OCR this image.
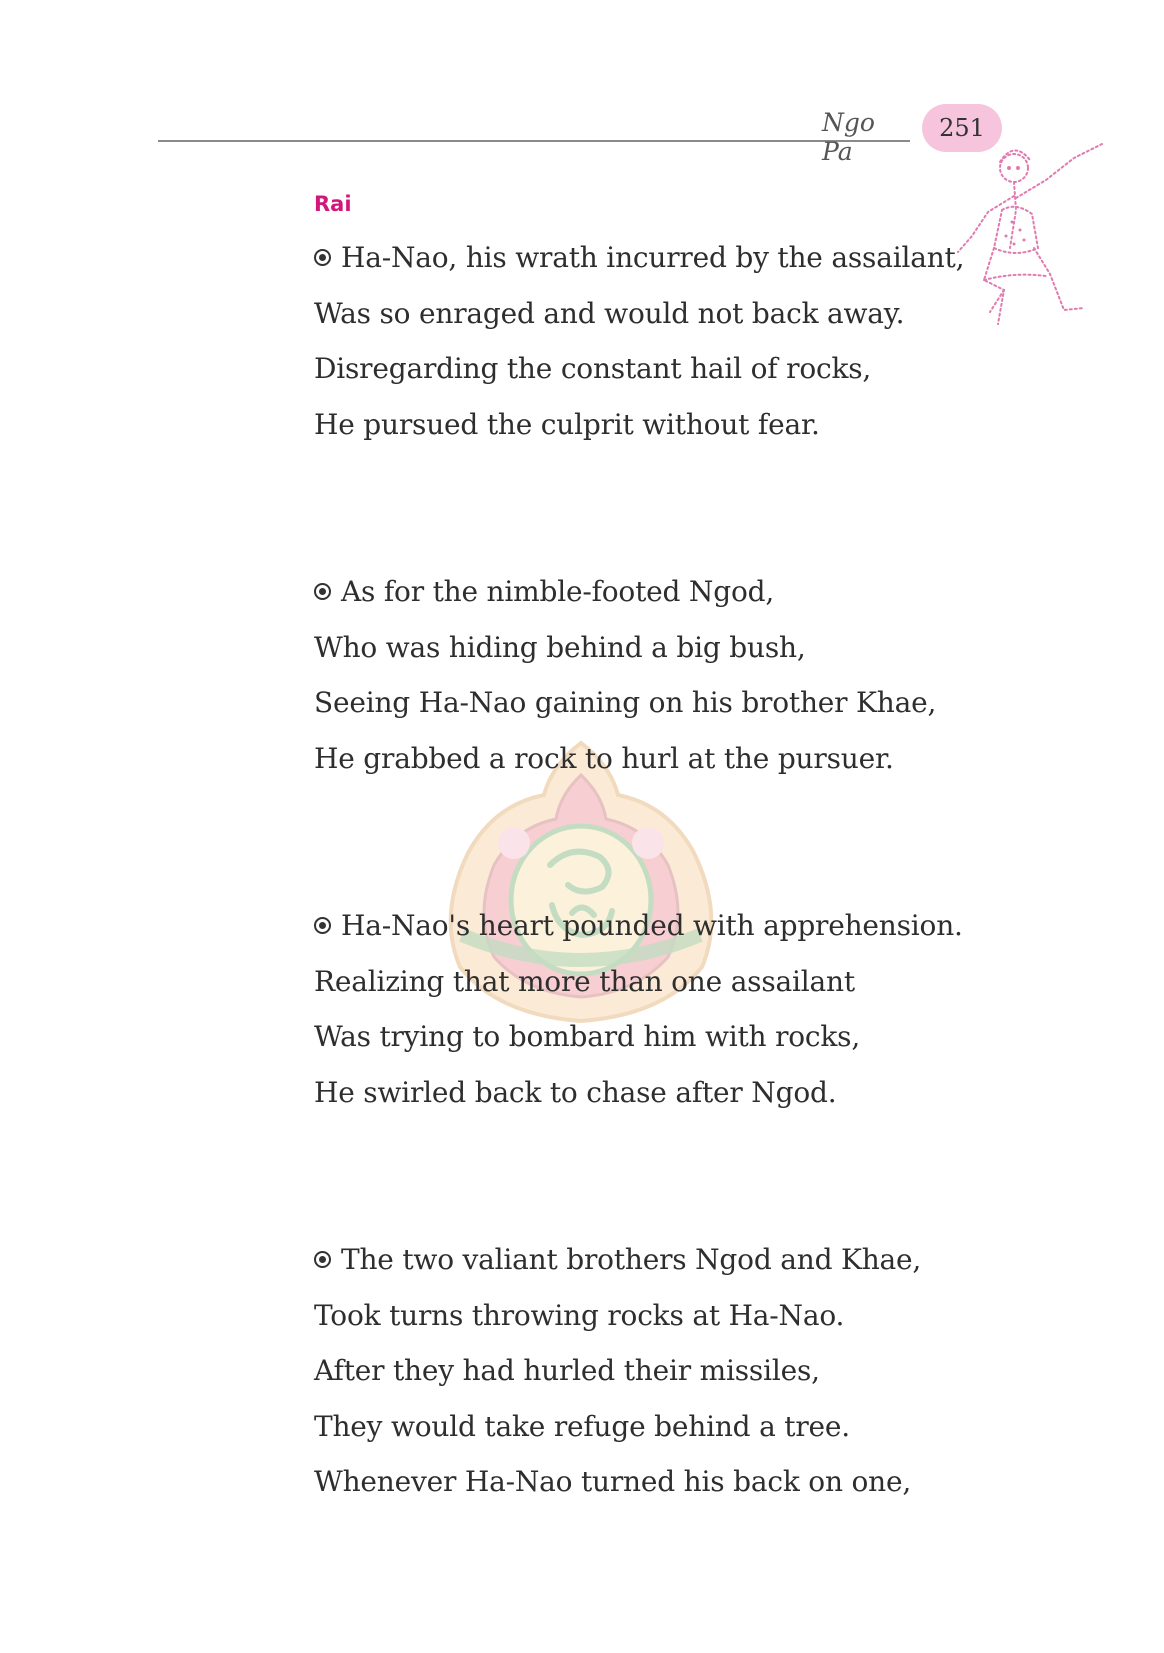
Ngo Pa
251
Rai
Ha-Nao, his wrath incurred by the assailant,
Was so enraged and would not back away.
Disregarding the constant hail of rocks,
He pursued the culprit without fear.
As for the nimble-footed Ngod,
Who was hiding behind a big bush,
Seeing Ha-Nao gaining on his brother Khae,
He grabbed a rock to hurl at the pursuer.
Ha-Nao's heart pounded with apprehension.
Realizing that more than one assailant
Was trying to bombard him with rocks,
He swirled back to chase after Ngod.
The two valiant brothers Ngod and Khae,
Took turns throwing rocks at Ha-Nao.
After they had hurled their missiles,
They would take refuge behind a tree.
Whenever Ha-Nao turned his back on one,
